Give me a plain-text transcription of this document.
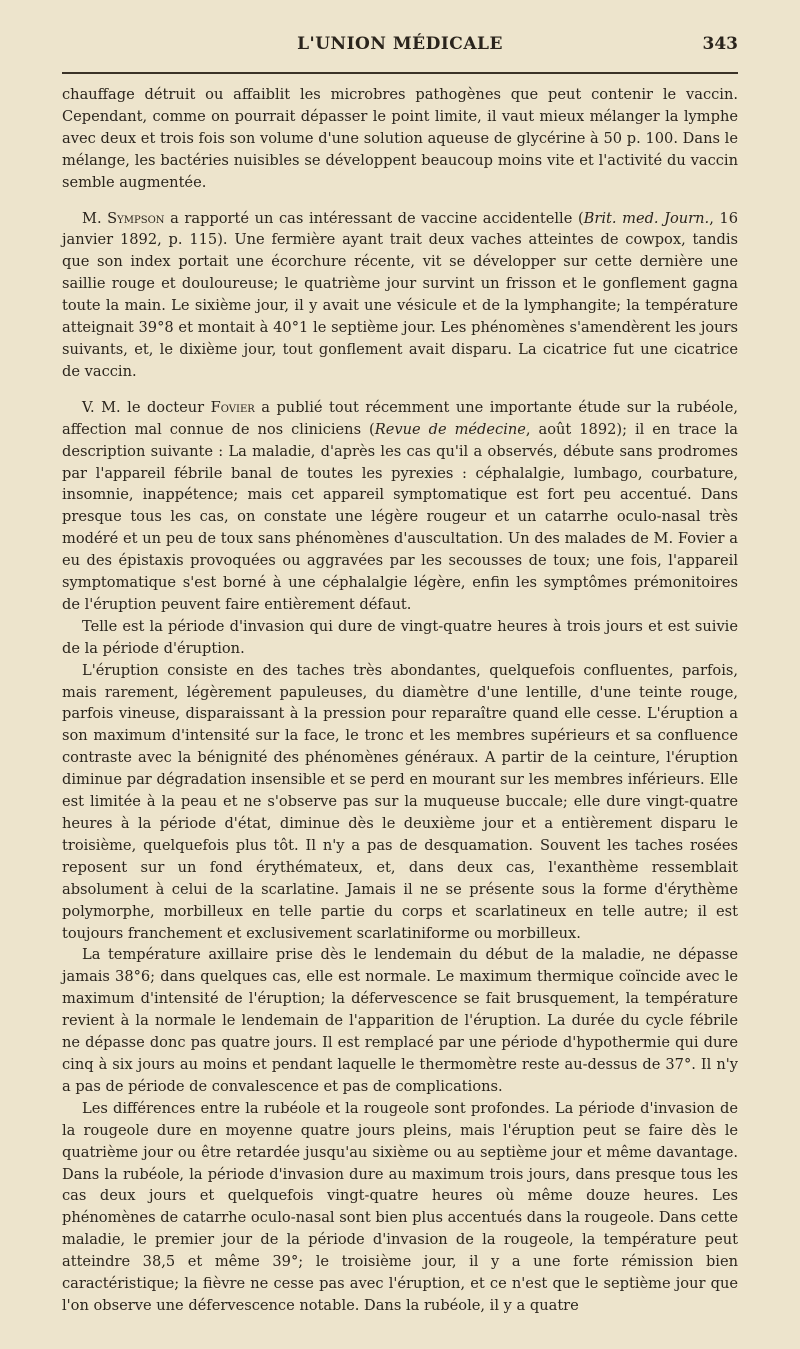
L'UNION MÉDICALE	343

chauffage détruit ou affaiblit les microbres pathogènes que peut contenir le vaccin. Cependant, comme on pourrait dépasser le point limite, il vaut mieux mélanger la lymphe avec deux et trois fois son volume d'une solution aqueuse de glycérine à 50 p. 100. Dans le mélange, les bactéries nuisibles se développent beaucoup moins vite et l'activité du vaccin semble augmentée.

M. Sympson a rapporté un cas intéressant de vaccine accidentelle (Brit. med. Journ., 16 janvier 1892, p. 115). Une fermière ayant trait deux vaches atteintes de cowpox, tandis que son index portait une écorchure récente, vit se développer sur cette dernière une saillie rouge et douloureuse; le quatrième jour survint un frisson et le gonflement gagna toute la main. Le sixième jour, il y avait une vésicule et de la lymphangite; la température atteignait 39°8 et montait à 40°1 le septième jour. Les phénomènes s'amendèrent les jours suivants, et, le dixième jour, tout gonflement avait disparu. La cicatrice fut une cicatrice de vaccin.

V. M. le docteur Fovier a publié tout récemment une importante étude sur la rubéole, affection mal connue de nos cliniciens (Revue de médecine, août 1892); il en trace la description suivante : La maladie, d'après les cas qu'il a observés, débute sans prodromes par l'appareil fébrile banal de toutes les pyrexies : céphalalgie, lumbago, courbature, insomnie, inappétence; mais cet appareil symptomatique est fort peu accentué. Dans presque tous les cas, on constate une légère rougeur et un catarrhe oculo-nasal très modéré et un peu de toux sans phénomènes d'auscultation. Un des malades de M. Fovier a eu des épistaxis provoquées ou aggravées par les secousses de toux; une fois, l'appareil symptomatique s'est borné à une céphalalgie légère, enfin les symptômes prémonitoires de l'éruption peuvent faire entièrement défaut.

Telle est la période d'invasion qui dure de vingt-quatre heures à trois jours et est suivie de la période d'éruption.

L'éruption consiste en des taches très abondantes, quelquefois confluentes, parfois, mais rarement, légèrement papuleuses, du diamètre d'une lentille, d'une teinte rouge, parfois vineuse, disparaissant à la pression pour reparaître quand elle cesse. L'éruption a son maximum d'intensité sur la face, le tronc et les membres supérieurs et sa confluence contraste avec la bénignité des phénomènes généraux. A partir de la ceinture, l'éruption diminue par dégradation insensible et se perd en mourant sur les membres inférieurs. Elle est limitée à la peau et ne s'observe pas sur la muqueuse buccale; elle dure vingt-quatre heures à la période d'état, diminue dès le deuxième jour et a entièrement disparu le troisième, quelquefois plus tôt. Il n'y a pas de desquamation. Souvent les taches rosées reposent sur un fond érythémateux, et, dans deux cas, l'exanthème ressemblait absolument à celui de la scarlatine. Jamais il ne se présente sous la forme d'érythème polymorphe, morbilleux en telle partie du corps et scarlatineux en telle autre; il est toujours franchement et exclusivement scarlatiniforme ou morbilleux.

La température axillaire prise dès le lendemain du début de la maladie, ne dépasse jamais 38°6; dans quelques cas, elle est normale. Le maximum thermique coïncide avec le maximum d'intensité de l'éruption; la défervescence se fait brusquement, la température revient à la normale le lendemain de l'apparition de l'éruption. La durée du cycle fébrile ne dépasse donc pas quatre jours. Il est remplacé par une période d'hypothermie qui dure cinq à six jours au moins et pendant laquelle le thermomètre reste au-dessus de 37°. Il n'y a pas de période de convalescence et pas de complications.

Les différences entre la rubéole et la rougeole sont profondes. La période d'invasion de la rougeole dure en moyenne quatre jours pleins, mais l'éruption peut se faire dès le quatrième jour ou être retardée jusqu'au sixième ou au septième jour et même davantage. Dans la rubéole, la période d'invasion dure au maximum trois jours, dans presque tous les cas deux jours et quelquefois vingt-quatre heures où même douze heures. Les phénomènes de catarrhe oculo-nasal sont bien plus accentués dans la rougeole. Dans cette maladie, le premier jour de la période d'invasion de la rougeole, la température peut atteindre 38,5 et même 39°; le troisième jour, il y a une forte rémission bien caractéristique; la fièvre ne cesse pas avec l'éruption, et ce n'est que le septième jour que l'on observe une défervescence notable. Dans la rubéole, il y a quatre
